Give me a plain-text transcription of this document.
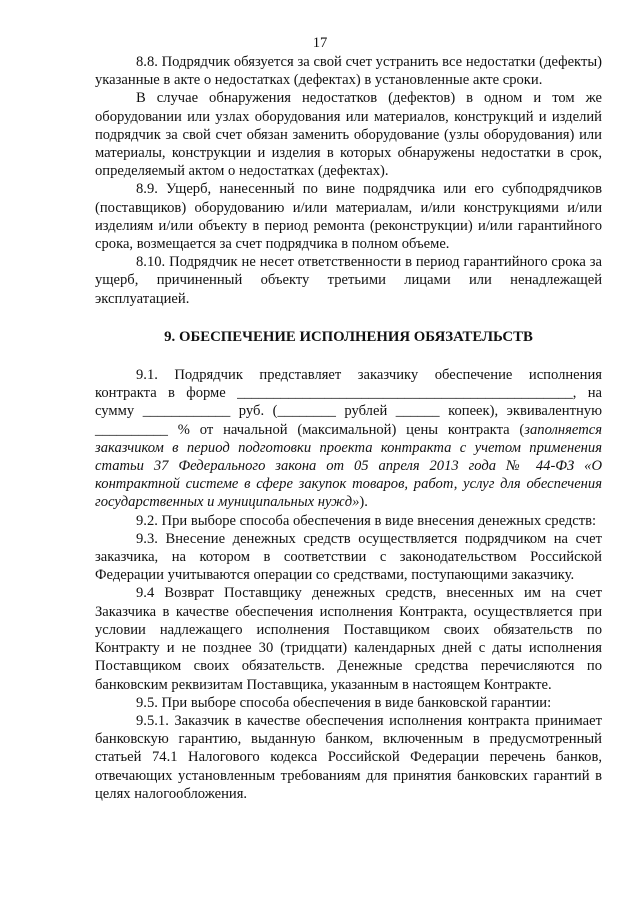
17

8.8. Подрядчик обязуется за свой счет устранить все недостатки (дефекты) указанные в акте о недостатках (дефектах) в установленные акте сроки.

В случае обнаружения недостатков (дефектов) в одном и том же оборудовании или узлах оборудования или материалов, конструкций и изделий подрядчик за свой счет обязан заменить оборудование (узлы оборудования) или материалы, конструкции и изделия в которых обнаружены недостатки в срок, определяемый актом о недостатках (дефектах).

8.9. Ущерб, нанесенный по вине подрядчика или его субподрядчиков (поставщиков) оборудованию и/или материалам, и/или конструкциями и/или изделиям и/или объекту в период ремонта (реконструкции) и/или гарантийного срока, возмещается за счет подрядчика в полном объеме.

8.10. Подрядчик не несет ответственности в период гарантийного срока за ущерб, причиненный объекту третьими лицами или ненадлежащей эксплуатацией.

9. ОБЕСПЕЧЕНИЕ ИСПОЛНЕНИЯ ОБЯЗАТЕЛЬСТВ

9.1. Подрядчик представляет заказчику обеспечение исполнения контракта в форме ______________________________________________, на сумму ____________ руб. (________ рублей ______ копеек), эквивалентную __________ % от начальной (максимальной) цены контракта (заполняется заказчиком в период подготовки проекта контракта с учетом применения статьи 37 Федерального закона от 05 апреля 2013 года № 44-ФЗ «О контрактной системе в сфере закупок товаров, работ, услуг для обеспечения государственных и муниципальных нужд»).

9.2. При выборе способа обеспечения в виде внесения денежных средств:

9.3. Внесение денежных средств осуществляется подрядчиком на счет заказчика, на котором в соответствии с законодательством Российской Федерации учитываются операции со средствами, поступающими заказчику.

9.4 Возврат Поставщику денежных средств, внесенных им на счет Заказчика в качестве обеспечения исполнения Контракта, осуществляется при условии надлежащего исполнения Поставщиком своих обязательств по Контракту и не позднее 30 (тридцати) календарных дней с даты исполнения Поставщиком своих обязательств. Денежные средства перечисляются по банковским реквизитам Поставщика, указанным в настоящем Контракте.

9.5. При выборе способа обеспечения в виде банковской гарантии:

9.5.1. Заказчик в качестве обеспечения исполнения контракта принимает банковскую гарантию, выданную банком, включенным в предусмотренный статьей 74.1 Налогового кодекса Российской Федерации перечень банков, отвечающих установленным требованиям для принятия банковских гарантий в целях налогообложения.
